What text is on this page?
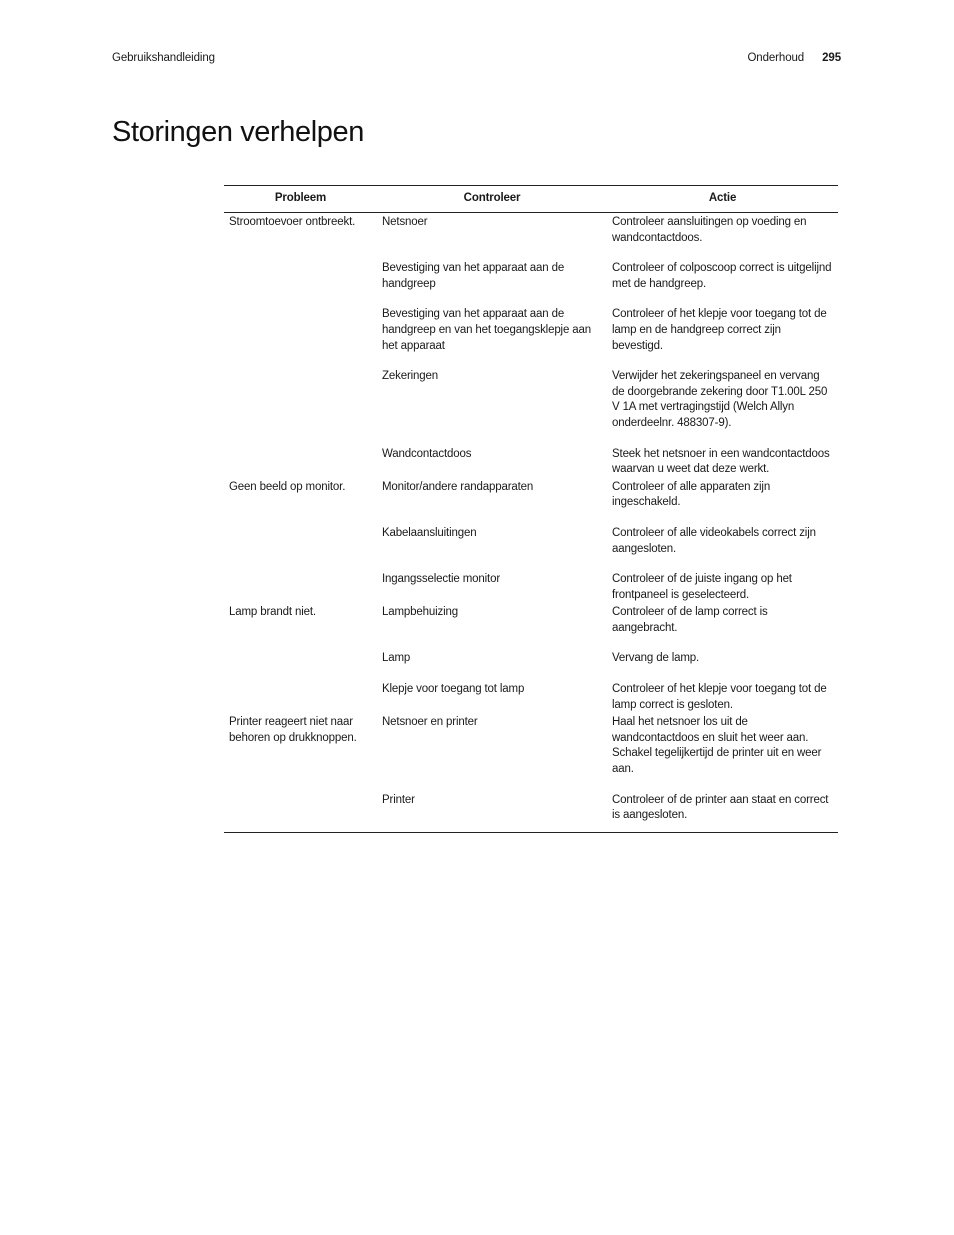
Gebruikshandleiding	Onderhoud 295
Storingen verhelpen
Probleem	Controleer	Actie
Stroomtoevoer ontbreekt.	Netsnoer	Controleer aansluitingen op voeding en wandcontactdoos.
	Bevestiging van het apparaat aan de handgreep	Controleer of colposcoop correct is uitgelijnd met de handgreep.
	Bevestiging van het apparaat aan de handgreep en van het toegangsklepje aan het apparaat	Controleer of het klepje voor toegang tot de lamp en de handgreep correct zijn bevestigd.
	Zekeringen	Verwijder het zekeringspaneel en vervang de doorgebrande zekering door T1.00L 250 V 1A met vertragingstijd (Welch Allyn onderdeelnr. 488307-9).
	Wandcontactdoos	Steek het netsnoer in een wandcontactdoos waarvan u weet dat deze werkt.
Geen beeld op monitor.	Monitor/andere randapparaten	Controleer of alle apparaten zijn ingeschakeld.
	Kabelaansluitingen	Controleer of alle videokabels correct zijn aangesloten.
	Ingangsselectie monitor	Controleer of de juiste ingang op het frontpaneel is geselecteerd.
Lamp brandt niet.	Lampbehuizing	Controleer of de lamp correct is aangebracht.
	Lamp	Vervang de lamp.
	Klepje voor toegang tot lamp	Controleer of het klepje voor toegang tot de lamp correct is gesloten.
Printer reageert niet naar behoren op drukknoppen.	Netsnoer en printer	Haal het netsnoer los uit de wandcontactdoos en sluit het weer aan. Schakel tegelijkertijd de printer uit en weer aan.
	Printer	Controleer of de printer aan staat en correct is aangesloten.
